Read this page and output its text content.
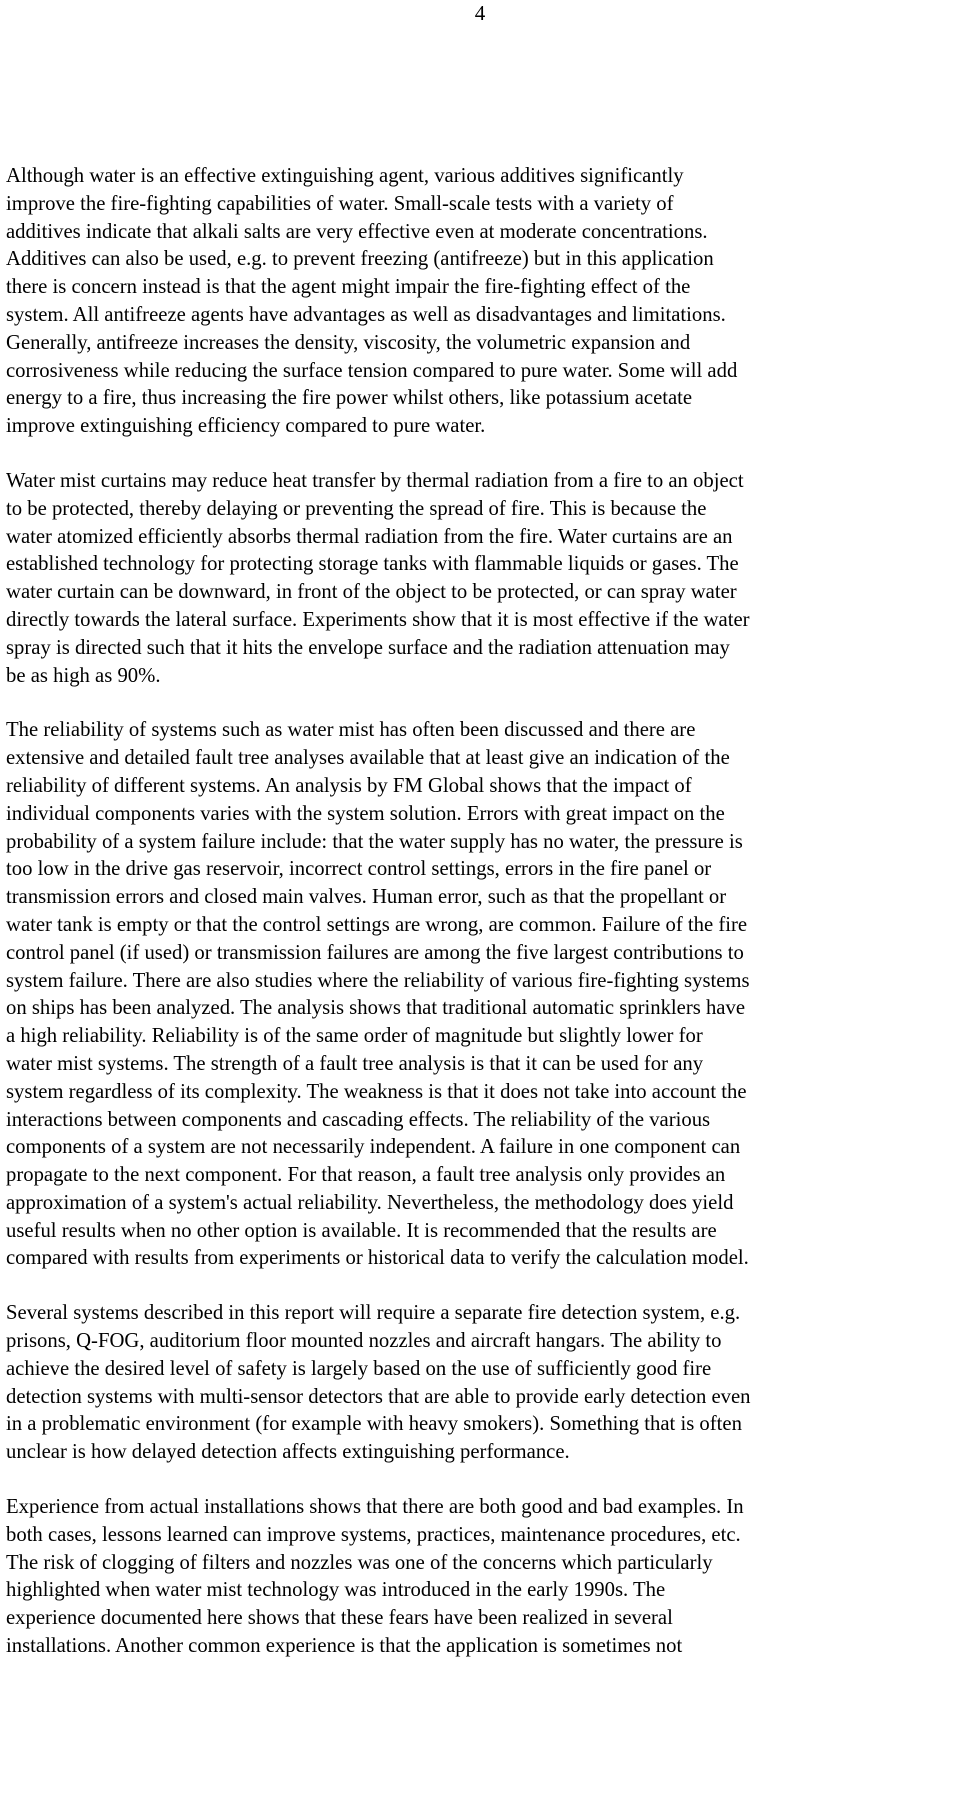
4

Although water is an effective extinguishing agent, various additives significantly
improve the fire-fighting capabilities of water. Small-scale tests with a variety of
additives indicate that alkali salts are very effective even at moderate concentrations.
Additives can also be used, e.g. to prevent freezing (antifreeze) but in this application
there is concern instead is that the agent might impair the fire-fighting effect of the
system. All antifreeze agents have advantages as well as disadvantages and limitations.
Generally, antifreeze increases the density, viscosity, the volumetric expansion and
corrosiveness while reducing the surface tension compared to pure water. Some will add
energy to a fire, thus increasing the fire power whilst others, like potassium acetate
improve extinguishing efficiency compared to pure water.

Water mist curtains may reduce heat transfer by thermal radiation from a fire to an object
to be protected, thereby delaying or preventing the spread of fire. This is because the
water atomized efficiently absorbs thermal radiation from the fire. Water curtains are an
established technology for protecting storage tanks with flammable liquids or gases. The
water curtain can be downward, in front of the object to be protected, or can spray water
directly towards the lateral surface. Experiments show that it is most effective if the water
spray is directed such that it hits the envelope surface and the radiation attenuation may
be as high as 90%.

The reliability of systems such as water mist has often been discussed and there are
extensive and detailed fault tree analyses available that at least give an indication of the
reliability of different systems. An analysis by FM Global shows that the impact of
individual components varies with the system solution. Errors with great impact on the
probability of a system failure include: that the water supply has no water, the pressure is
too low in the drive gas reservoir, incorrect control settings, errors in the fire panel or
transmission errors and closed main valves. Human error, such as that the propellant or
water tank is empty or that the control settings are wrong, are common. Failure of the fire
control panel (if used) or transmission failures are among the five largest contributions to
system failure. There are also studies where the reliability of various fire-fighting systems
on ships has been analyzed. The analysis shows that traditional automatic sprinklers have
a high reliability. Reliability is of the same order of magnitude but slightly lower for
water mist systems. The strength of a fault tree analysis is that it can be used for any
system regardless of its complexity. The weakness is that it does not take into account the
interactions between components and cascading effects. The reliability of the various
components of a system are not necessarily independent. A failure in one component can
propagate to the next component. For that reason, a fault tree analysis only provides an
approximation of a system's actual reliability. Nevertheless, the methodology does yield
useful results when no other option is available. It is recommended that the results are
compared with results from experiments or historical data to verify the calculation model.

Several systems described in this report will require a separate fire detection system, e.g.
prisons, Q-FOG, auditorium floor mounted nozzles and aircraft hangars. The ability to
achieve the desired level of safety is largely based on the use of sufficiently good fire
detection systems with multi-sensor detectors that are able to provide early detection even
in a problematic environment (for example with heavy smokers). Something that is often
unclear is how delayed detection affects extinguishing performance.

Experience from actual installations shows that there are both good and bad examples. In
both cases, lessons learned can improve systems, practices, maintenance procedures, etc.
The risk of clogging of filters and nozzles was one of the concerns which particularly
highlighted when water mist technology was introduced in the early 1990s. The
experience documented here shows that these fears have been realized in several
installations. Another common experience is that the application is sometimes not
